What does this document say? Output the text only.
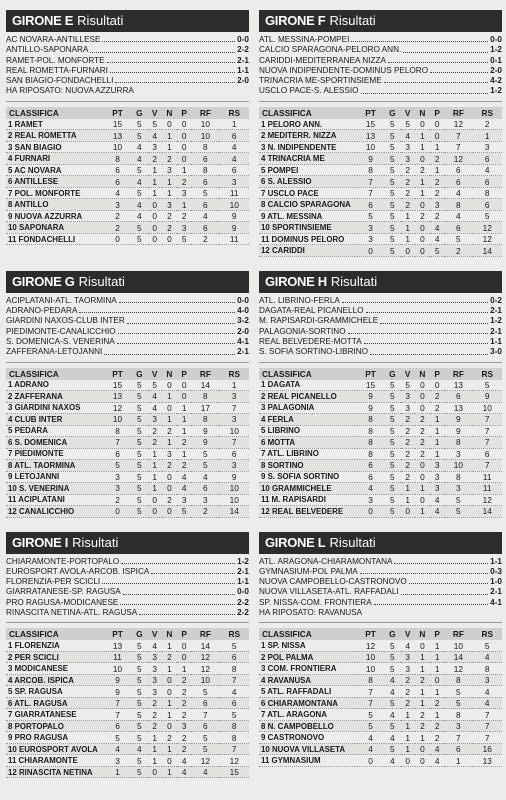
GIRONE E Risultati
AC NOVARA-ANTILLESE	0-0
ANTILLO-SAPONARA	2-2
RAMET-POL. MONFORTE	2-1
REAL ROMETTA-FURNARI	1-1
SAN BIAGIO-FONDACHELLI	2-0
HA RIPOSATO: NUOVA AZZURRA
CLASSIFICA	PT	G	V	N	P	RF	RS
1 RAMET	15	5	5	0	0	10	1
2 REAL ROMETTA	13	5	4	1	0	10	6
3 SAN BIAGIO	10	4	3	1	0	8	4
4 FURNARI	8	4	2	2	0	6	4
5 AC NOVARA	6	5	1	3	1	8	6
6 ANTILLESE	6	4	1	1	2	6	3
7 POL. MONFORTE	4	5	1	1	3	5	11
8 ANTILLO	3	4	0	3	1	6	10
9 NUOVA AZZURRA	2	4	0	2	2	4	9
10 SAPONARA	2	5	0	2	3	6	9
11 FONDACHELLI	0	5	0	0	5	2	11
GIRONE F Risultati
ATL. MESSINA-POMPEI	0-0
CALCIO SPARAGONA-PELORO ANN.	1-2
CARIDDI-MEDITERRANEA NIZZA	0-1
NUOVA INDIPENDENTE-DOMINUS PELORO	2-0
TRINACRIA ME-SPORTINSIEME	4-2
USCLO PACE-S. ALESSIO	1-2
CLASSIFICA	PT	G	V	N	P	RF	RS
1 PELORO ANN.	15	5	5	0	0	12	2
2 MEDITERR. NIZZA	13	5	4	1	0	7	1
3 N. INDIPENDENTE	10	5	3	1	1	7	3
4 TRINACRIA ME	9	5	3	0	2	12	6
5 POMPEI	8	5	2	2	1	6	4
6 S. ALESSIO	7	5	2	1	2	6	6
7 USCLO PACE	7	5	2	1	2	4	8
8 CALCIO SPARAGONA	6	5	2	0	3	8	6
9 ATL. MESSINA	5	5	1	2	2	4	5
10 SPORTINSIEME	3	5	1	0	4	6	12
11 DOMINUS PELORO	3	5	1	0	4	5	12
12 CARIDDI	0	5	0	0	5	2	14
GIRONE G Risultati
ACIPLATANI-ATL. TAORMINA	0-0
ADRANO-PEDARA	4-0
GIARDINI NAXOS-CLUB INTER	3-2
PIEDIMONTE-CANALICCHIO	2-0
S. DOMENICA-S. VENERINA	4-1
ZAFFERANA-LETOJANNI	2-1
CLASSIFICA	PT	G	V	N	P	RF	RS
1 ADRANO	15	5	5	0	0	14	1
2 ZAFFERANA	13	5	4	1	0	8	3
3 GIARDINI NAXOS	12	5	4	0	1	17	7
4 CLUB INTER	10	5	3	1	1	8	3
5 PEDARA	8	5	2	2	1	9	10
6 S. DOMENICA	7	5	2	1	2	9	7
7 PIEDIMONTE	6	5	1	3	1	5	6
8 ATL. TAORMINA	5	5	1	2	2	5	3
9 LETOJANNI	3	5	1	0	4	4	9
10 S. VENERINA	3	5	1	0	4	6	10
11 ACIPLATANI	2	5	0	2	3	3	10
12 CANALICCHIO	0	5	0	0	5	2	14
GIRONE H Risultati
ATL. LIBRINO-FERLA	0-2
DAGATA-REAL PICANELLO	2-1
M. RAPISARDI-GRAMMICHELE	1-2
PALAGONIA-SORTINO	2-1
REAL BELVEDERE-MOTTA	1-1
S. SOFIA SORTINO-LIBRINO	3-0
CLASSIFICA	PT	G	V	N	P	RF	RS
1 DAGATA	15	5	5	0	0	13	5
2 REAL PICANELLO	9	5	3	0	2	6	9
3 PALAGONIA	9	5	3	0	2	13	10
4 FERLA	8	5	2	2	1	9	7
5 LIBRINO	8	5	2	2	1	9	7
6 MOTTA	8	5	2	2	1	8	7
7 ATL. LIBRINO	8	5	2	2	1	3	6
8 SORTINO	6	5	2	0	3	10	7
9 S. SOFIA SORTINO	6	5	2	0	3	8	11
10 GRAMMICHELE	4	5	1	1	3	3	11
11 M. RAPISARDI	3	5	1	0	4	5	12
12 REAL BELVEDERE	0	5	0	1	4	5	14
GIRONE I Risultati
CHIARAMONTE-PORTOPALO	1-2
EUROSPORT AVOLA-ARCOB. ISPICA	2-1
FLORENZIA-PER SCICLI	1-1
GIARRATANESE-SP. RAGUSA	0-0
PRO RAGUSA-MODICANESE	2-2
RINASCITA NETINA-ATL. RAGUSA	2-2
CLASSIFICA	PT	G	V	N	P	RF	RS
1 FLORENZIA	13	5	4	1	0	14	5
2 PER SCICLI	11	5	3	2	0	12	6
3 MODICANESE	10	5	3	1	1	12	8
4 ARCOB. ISPICA	9	5	3	0	2	10	7
5 SP. RAGUSA	9	5	3	0	2	5	4
6 ATL. RAGUSA	7	5	2	1	2	6	6
7 GIARRATANESE	7	5	2	1	2	7	5
8 PORTOPALO	6	5	2	0	3	6	8
9 PRO RAGUSA	5	5	1	2	2	5	8
10 EUROSPORT AVOLA	4	4	1	1	2	5	7
11 CHIARAMONTE	3	5	1	0	4	12	12
12 RINASCITA NETINA	1	5	0	1	4	4	15
GIRONE L Risultati
ATL. ARAGONA-CHIARAMONTANA	1-1
GYMNASIUM-POL PALMA	0-3
NUOVA CAMPOBELLO-CASTRONOVO	1-0
NUOVA VILLASETA-ATL. RAFFADALI	2-1
SP. NISSA-COM. FRONTIERA	4-1
HA RIPOSATO: RAVANUSA
CLASSIFICA	PT	G	V	N	P	RF	RS
1 SP. NISSA	12	5	4	0	1	10	5
2 POL PALMA	10	5	3	1	1	14	4
3 COM. FRONTIERA	10	5	3	1	1	12	8
4 RAVANUSA	8	4	2	2	0	8	3
5 ATL. RAFFADALI	7	4	2	1	1	5	4
6 CHIARAMONTANA	7	5	2	1	2	5	4
7 ATL. ARAGONA	5	4	1	2	1	8	7
8 N. CAMPOBELLO	5	5	1	2	2	3	7
9 CASTRONOVO	4	4	1	1	2	7	7
10 NUOVA VILLASETA	4	5	1	0	4	6	16
11 GYMNASIUM	0	4	0	0	4	1	13
